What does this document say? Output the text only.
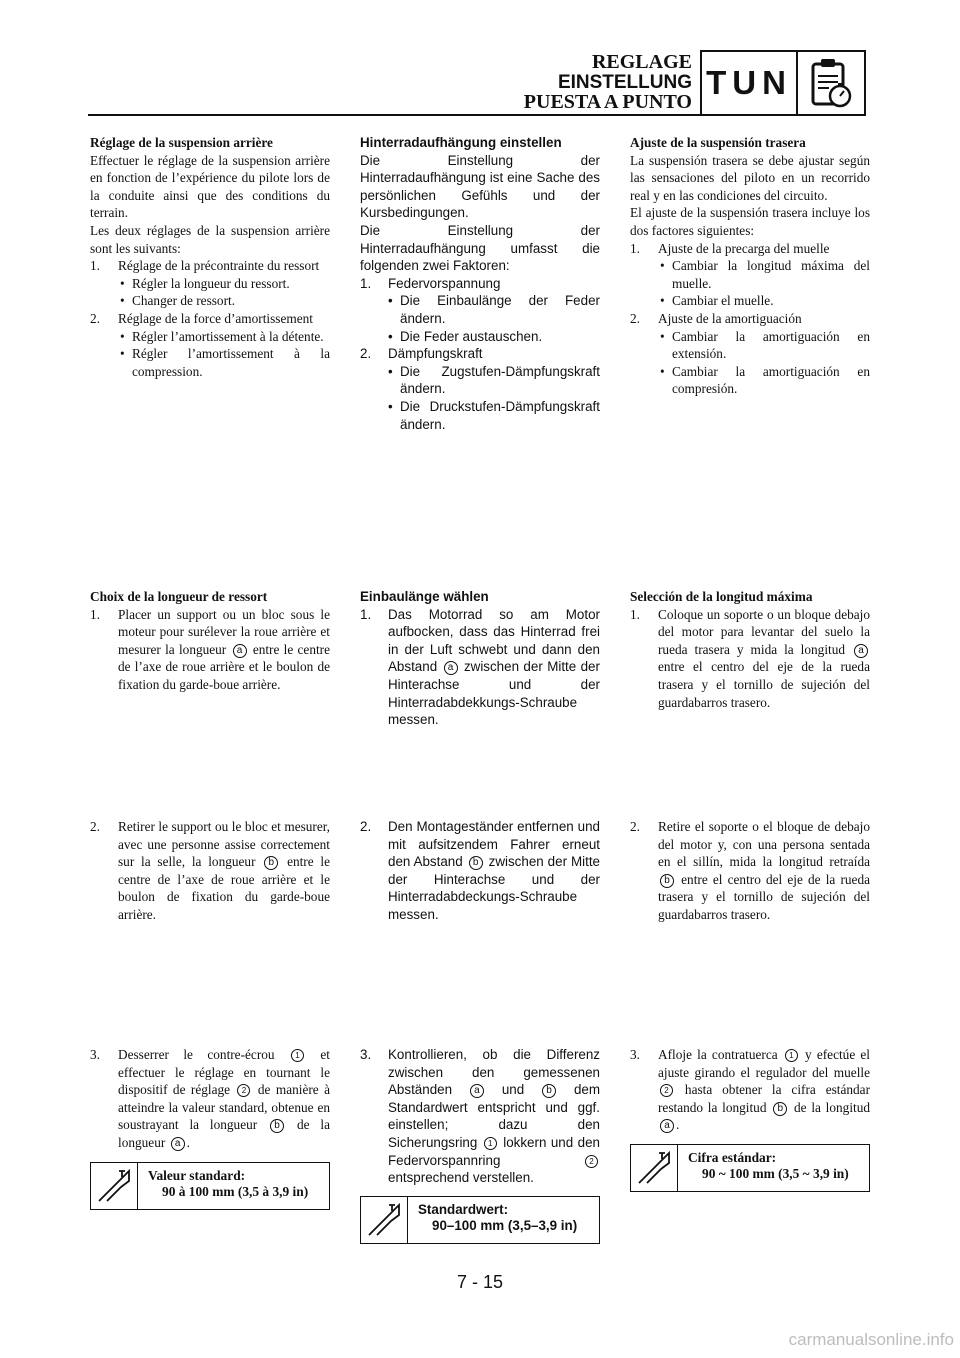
REGLAGE
EINSTELLUNG
PUESTA A PUNTO
TUN

Réglage de la suspension arrière

Effectuer le réglage de la suspension arrière en fonction de l’expérience du pilote lors de la conduite ainsi que des conditions du terrain.

Les deux réglages de la suspension arrière sont les suivants:

1. Réglage de la précontrainte du ressort
• Régler la longueur du ressort.
• Changer de ressort.
2. Réglage de la force d’amortissement
• Régler l’amortissement à la détente.
• Régler l’amortissement à la compression.

Hinterradaufhängung einstellen

Die Einstellung der Hinterradaufhängung ist eine Sache des persönlichen Gefühls und der Kursbedingungen.

Die Einstellung der Hinterradaufhängung umfasst die folgenden zwei Faktoren:

1. Federvorspannung
• Die Einbaulänge der Feder ändern.
• Die Feder austauschen.
2. Dämpfungskraft
• Die Zugstufen-Dämpfungskraft ändern.
• Die Druckstufen-Dämpfungskraft ändern.

Ajuste de la suspensión trasera

La suspensión trasera se debe ajustar según las sensaciones del piloto en un recorrido real y en las condiciones del circuito.

El ajuste de la suspensión trasera incluye los dos factores siguientes:

1. Ajuste de la precarga del muelle
• Cambiar la longitud máxima del muelle.
• Cambiar el muelle.
2. Ajuste de la amortiguación
• Cambiar la amortiguación en extensión.
• Cambiar la amortiguación en compresión.

Choix de la longueur de ressort

1. Placer un support ou un bloc sous le moteur pour surélever la roue arrière et mesurer la longueur a entre le centre de l’axe de roue arrière et le boulon de fixation du garde-boue arrière.

Einbaulänge wählen

1. Das Motorrad so am Motor aufbocken, dass das Hinterrad frei in der Luft schwebt und dann den Abstand a zwischen der Mitte der Hinterachse und der Hinterradabdekkungs-Schraube messen.

Selección de la longitud máxima

1. Coloque un soporte o un bloque debajo del motor para levantar del suelo la rueda trasera y mida la longitud a entre el centro del eje de la rueda trasera y el tornillo de sujeción del guardabarros trasero.
2. Retirer le support ou le bloc et mesurer, avec une personne assise correctement sur la selle, la longueur b entre le centre de l’axe de roue arrière et le boulon de fixation du garde-boue arrière.
2. Den Montageständer entfernen und mit aufsitzendem Fahrer erneut den Abstand b zwischen der Mitte der Hinterachse und der Hinterradabdeckungs-Schraube messen.
2. Retire el soporte o el bloque de debajo del motor y, con una persona sentada en el sillín, mida la longitud retraída b entre el centro del eje de la rueda trasera y el tornillo de sujeción del guardabarros trasero.
3. Desserrer le contre-écrou	1 et effectuer le réglage en tournant le dispositif de réglage 2 de manière à atteindre la valeur standard, obtenue en soustrayant la longueur b de la longueur a .
3. Kontrollieren, ob die Differenz zwischen den gemessenen Abständen a und b dem Standardwert entspricht und ggf. einstellen; dazu den Sicherungsring 1 lokkern und den Federvorspannring	2 entsprechend verstellen.
3. Afloje la contratuerca 1 y efectúe el ajuste girando el regulador del muelle 2 hasta obtener la cifra estándar restando la longitud b de la longitud a .
Valeur standard:
90 à 100 mm (3,5 à 3,9 in)
Standardwert:
90–100 mm (3,5–3,9 in)
Cifra estándar:
90 ~ 100 mm (3,5 ~ 3,9 in)
7 - 15
carmanualsonline.info
